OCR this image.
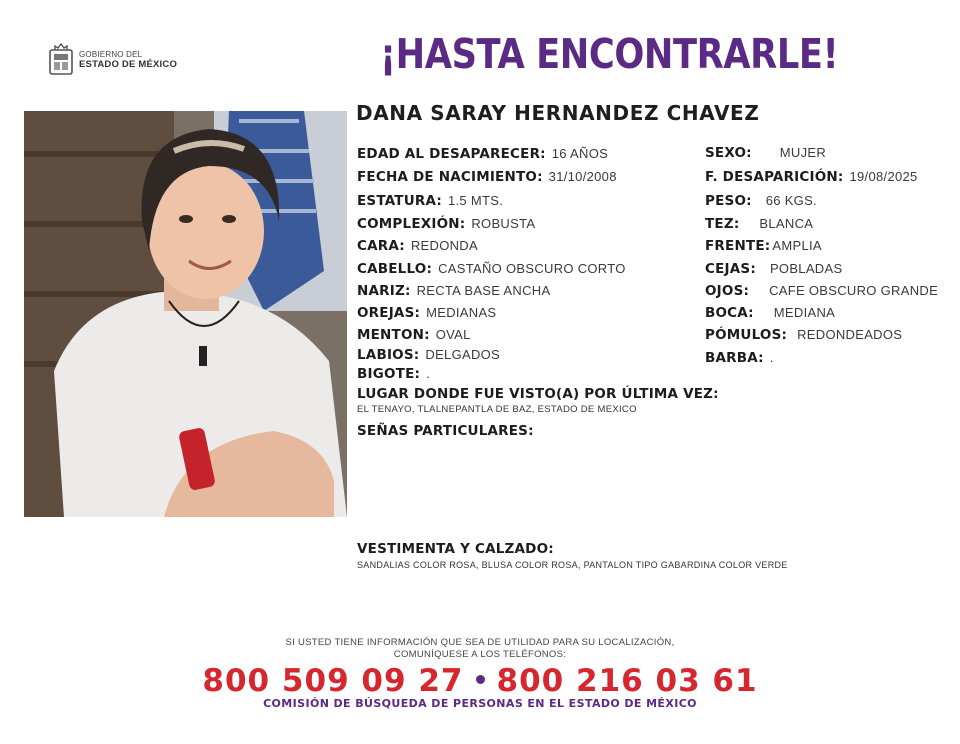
GOBIERNO DEL
ESTADO DE MÉXICO	¡HASTA ENCONTRARLE!
DANA SARAY HERNANDEZ CHAVEZ
EDAD AL DESAPARECER: 16 AÑOS
FECHA DE NACIMIENTO: 31/10/2008
ESTATURA: 1.5 MTS.
COMPLEXIÓN: ROBUSTA
CARA: REDONDA
CABELLO: CASTAÑO OBSCURO CORTO
NARIZ: RECTA BASE ANCHA
OREJAS: MEDIANAS
MENTON: OVAL
LABIOS: DELGADOS
BIGOTE: .
SEXO: MUJER
F. DESAPARICIÓN: 19/08/2025
PESO: 66 KGS.
TEZ: BLANCA
FRENTE: AMPLIA
CEJAS: POBLADAS
OJOS: CAFE OBSCURO GRANDE
BOCA: MEDIANA
PÓMULOS: REDONDEADOS
BARBA: .
LUGAR DONDE FUE VISTO(A) POR ÚLTIMA VEZ:
EL TENAYO, TLALNEPANTLA DE BAZ, ESTADO DE MEXICO
SEÑAS PARTICULARES:
VESTIMENTA Y CALZADO:
SANDALIAS COLOR ROSA, BLUSA COLOR ROSA, PANTALON TIPO GABARDINA COLOR VERDE
SI USTED TIENE INFORMACIÓN QUE SEA DE UTILIDAD PARA SU LOCALIZACIÓN,
COMUNÍQUESE A LOS TELÉFONOS:
800 509 09 27 800 216 03 61
COMISIÓN DE BÚSQUEDA DE PERSONAS EN EL ESTADO DE MÉXICO
